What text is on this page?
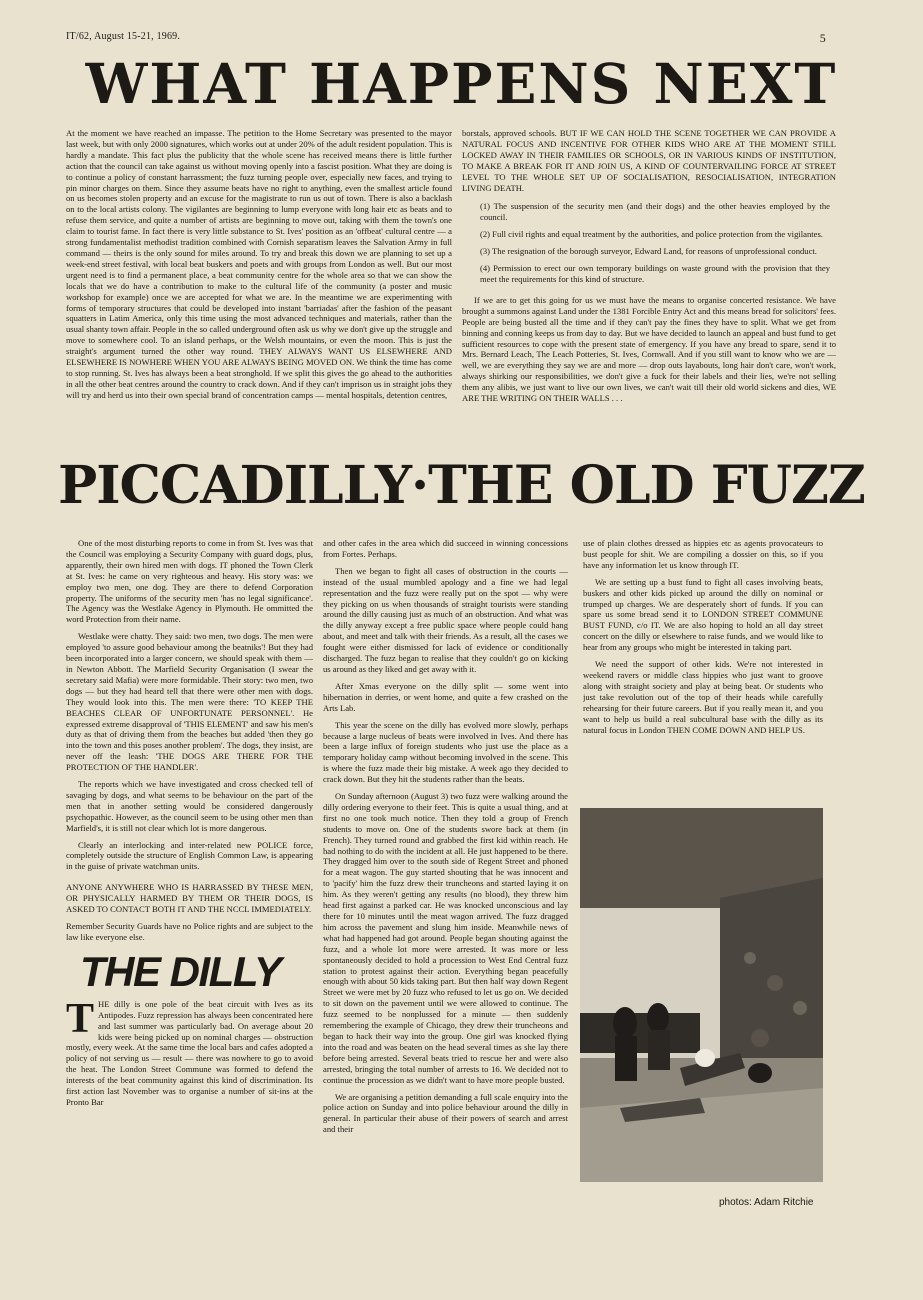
IT/62, August 15-21, 1969.	5
WHAT HAPPENS NEXT

At the moment we have reached an impasse. The petition to the Home Secretary was presented to the mayor last week, but with only 2000 signatures, which works out at under 20% of the adult resident population. This is hardly a mandate. This fact plus the publicity that the whole scene has received means there is little further action that the council can take against us without moving openly into a fascist position. What they are doing is to continue a policy of constant harrassment; the fuzz turning people over, especially new faces, and trying to pin minor charges on them. Since they assume beats have no right to anything, even the smallest article found on us becomes stolen property and an excuse for the magistrate to run us out of town. There is also a backlash on to the local artists colony. The vigilantes are beginning to lump everyone with long hair etc as beats and to refuse them service, and quite a number of artists are beginning to move out, taking with them the town's one claim to tourist fame. In fact there is very little substance to St. Ives' position as an 'offbeat' cultural centre — a strong fundamentalist methodist tradition combined with Cornish separatism leaves the Salvation Army in full command — theirs is the only sound for miles around. To try and break this down we are planning to set up a week-end street festival, with local beat buskers and poets and with groups from London as well. But our most urgent need is to find a permanent place, a beat community centre for the whole area so that we can show the locals that we do have a contribution to make to the cultural life of the community (a poster and music workshop for example) once we are accepted for what we are. In the meantime we are experimenting with forms of temporary structures that could be developed into instant 'barriadas' after the fashion of the peasant squatters in Latim America, only this time using the most advanced techniques and materials, rather than the usual shanty town affair. People in the so called underground often ask us why we don't give up the struggle and move to somewhere cool. To an island perhaps, or the Welsh mountains, or even the moon. This is just the straight's argument turned the other way round. THEY ALWAYS WANT US ELSEWHERE AND ELSEWHERE IS NOWHERE WHEN YOU ARE ALWAYS BEING MOVED ON. We think the time has come to stop running. St. Ives has always been a beat stronghold. If we split this gives the go ahead to the authorities in all the other beat centres around the country to crack down. And if they can't imprison us in straight jobs they will try and herd us into their own special brand of concentration camps — mental hospitals, detention centres,

borstals, approved schools. BUT IF WE CAN HOLD THE SCENE TOGETHER WE CAN PROVIDE A NATURAL FOCUS AND INCENTIVE FOR OTHER KIDS WHO ARE AT THE MOMENT STILL LOCKED AWAY IN THEIR FAMILIES OR SCHOOLS, OR IN VARIOUS KINDS OF INSTITUTION, TO MAKE A BREAK FOR IT AND JOIN US, A KIND OF COUNTERVAILING FORCE AT STREET LEVEL TO THE WHOLE SET UP OF SOCIALISATION, RESOCIALISATION, INTEGRATION LIVING DEATH.

(1) The suspension of the security men (and their dogs) and the other heavies employed by the council.

(2) Full civil rights and equal treatment by the authorities, and police protection from the vigilantes.

(3) The resignation of the borough surveyor, Edward Land, for reasons of unprofessional conduct.

(4) Permission to erect our own temporary buildings on waste ground with the provision that they meet the requirements for this kind of structure.

If we are to get this going for us we must have the means to organise concerted resistance. We have brought a summons against Land under the 1381 Forcible Entry Act and this means bread for solicitors' fees. People are being busted all the time and if they can't pay the fines they have to split. What we get from binning and conning keeps us from day to day. But we have decided to launch an appeal and bust fund to get sufficient resources to cope with the present state of emergency. If you have any bread to spare, send it to Mrs. Bernard Leach, The Leach Potteries, St. Ives, Cornwall. And if you still want to know who we are — well, we are everything they say we are and more — drop outs layabouts, long hair don't care, won't work, always shirking our responsibilities, we don't give a fuck for their labels and their lies, we're not selling them any alibis, we just want to live our own lives, we can't wait till their old world sickens and dies, WE ARE THE WRITING ON THEIR WALLS . . .

PICCADILLY·THE OLD FUZZ

One of the most disturbing reports to come in from St. Ives was that the Council was employing a Security Company with guard dogs, plus, apparently, their own hired men with dogs. IT phoned the Town Clerk at St. Ives: he came on very righteous and heavy. His story was: we employ two men, one dog. They are there to defend Corporation property. The uniforms of the security men 'has no legal significance'. The Agency was the Westlake Agency in Plymouth. He ommitted the word Protection from their name.

Westlake were chatty. They said: two men, two dogs. The men were employed 'to assure good behaviour among the beatniks'! But they had been incorporated into a larger concern, we should speak with them — in Newton Abbott. The Marfield Security Organisation (I swear the secretary said Mafia) were more formidable. Their story: two men, two dogs — but they had heard tell that there were other men with dogs. They would look into this. The men were there: 'TO KEEP THE BEACHES CLEAR OF UNFORTUNATE PERSONNEL'. He expressed extreme disapproval of 'THIS ELEMENT' and saw his men's duty as that of driving them from the beaches but added 'then they go into the town and this poses another problem'. The dogs, they insist, are never off the leash: 'THE DOGS ARE THERE FOR THE PROTECTION OF THE HANDLER'.

The reports which we have investigated and cross checked tell of savaging by dogs, and what seems to be behaviour on the part of the men that in another setting would be considered dangerously psychopathic. However, as the council seem to be using other men than Marfield's, it is still not clear which lot is more dangerous.

Clearly an interlocking and inter-related new POLICE force, completely outside the structure of English Common Law, is appearing in the guise of private watchman units.

ANYONE ANYWHERE WHO IS HARRASSED BY THESE MEN, OR PHYSICALLY HARMED BY THEM OR THEIR DOGS, IS ASKED TO CONTACT BOTH IT AND THE NCCL IMMEDIATELY.

Remember Security Guards have no Police rights and are subject to the law like everyone else.

THE DILLY

THE dilly is one pole of the beat circuit with Ives as its Antipodes. Fuzz repression has always been concentrated here and last summer was particularly bad. On average about 20 kids were being picked up on nominal charges — obstruction mostly, every week. At the same time the local bars and cafes adopted a policy of not serving us — result — there was nowhere to go to avoid the heat. The London Street Commune was formed to defend the interests of the beat community against this kind of discrimination. Its first action last November was to organise a number of sit-ins at the Pronto Bar

and other cafes in the area which did succeed in winning concessions from Fortes. Perhaps.

Then we began to fight all cases of obstruction in the courts — instead of the usual mumbled apology and a fine we had legal representation and the fuzz were really put on the spot — why were they picking on us when thousands of straight tourists were standing around the dilly causing just as much of an obstruction. And what was the dilly anyway except a free public space where people could hang about, and meet and talk with their friends. As a result, all the cases we fought were either dismissed for lack of evidence or conditionally discharged. The fuzz began to realise that they couldn't go on kicking us around as they liked and get away with it.

After Xmas everyone on the dilly split — some went into hibernation in derries, or went home, and quite a few crashed on the Arts Lab.

This year the scene on the dilly has evolved more slowly, perhaps because a large nucleus of beats were involved in Ives. And there has been a large influx of foreign students who just use the place as a temporary holiday camp without becoming involved in the scene. This is where the fuzz made their big mistake. A week ago they decided to crack down. But they hit the students rather than the beats.

On Sunday afternoon (August 3) two fuzz were walking around the dilly ordering everyone to their feet. This is quite a usual thing, and at first no one took much notice. Then they told a group of French students to move on. One of the students swore back at them (in French). They turned round and grabbed the first kid within reach. He had nothing to do with the incident at all. He just happened to be there. They dragged him over to the south side of Regent Street and phoned for a meat wagon. The guy started shouting that he was innocent and to 'pacify' him the fuzz drew their truncheons and started laying it on him. As they weren't getting any results (no blood), they threw him head first against a parked car. He was knocked unconscious and lay there for 10 minutes until the meat wagon arrived. The fuzz dragged him across the pavement and slung him inside. Meanwhile news of what had happened had got around. People began shouting against the fuzz, and a whole lot more were arrested. It was more or less spontaneously decided to hold a procession to West End Central fuzz station to protest against their action. Everything began peacefully enough with about 50 kids taking part. But then half way down Regent Street we were met by 20 fuzz who refused to let us go on. We decided to sit down on the pavement until we were allowed to continue. The fuzz seemed to be nonplussed for a minute — then suddenly remembering the example of Chicago, they drew their truncheons and began to hack their way into the group. One girl was knocked flying into the road and was beaten on the head several times as she lay there before being arrested. Several beats tried to rescue her and were also arrested, bringing the total number of arrests to 16. We decided not to continue the procession as we didn't want to have more people busted.

We are organising a petition demanding a full scale enquiry into the police action on Sunday and into police behaviour around the dilly in general. In particular their abuse of their powers of search and arrest and their

use of plain clothes dressed as hippies etc as agents provocateurs to bust people for shit. We are compiling a dossier on this, so if you have any information let us know through IT.

We are setting up a bust fund to fight all cases involving beats, buskers and other kids picked up around the dilly on nominal or trumped up charges. We are desperately short of funds. If you can spare us some bread send it to LONDON STREET COMMUNE BUST FUND, c/o IT. We are also hoping to hold an all day street concert on the dilly or elsewhere to raise funds, and we would like to hear from any groups who might be interested in taking part.

We need the support of other kids. We're not interested in weekend ravers or middle class hippies who just want to groove along with straight society and play at being beat. Or students who just take revolution out of the top of their heads while carefully rehearsing for their future careers. But if you really mean it, and you want to help us build a real subcultural base with the dilly as its natural focus in London THEN COME DOWN AND HELP US.

photos: Adam Ritchie
